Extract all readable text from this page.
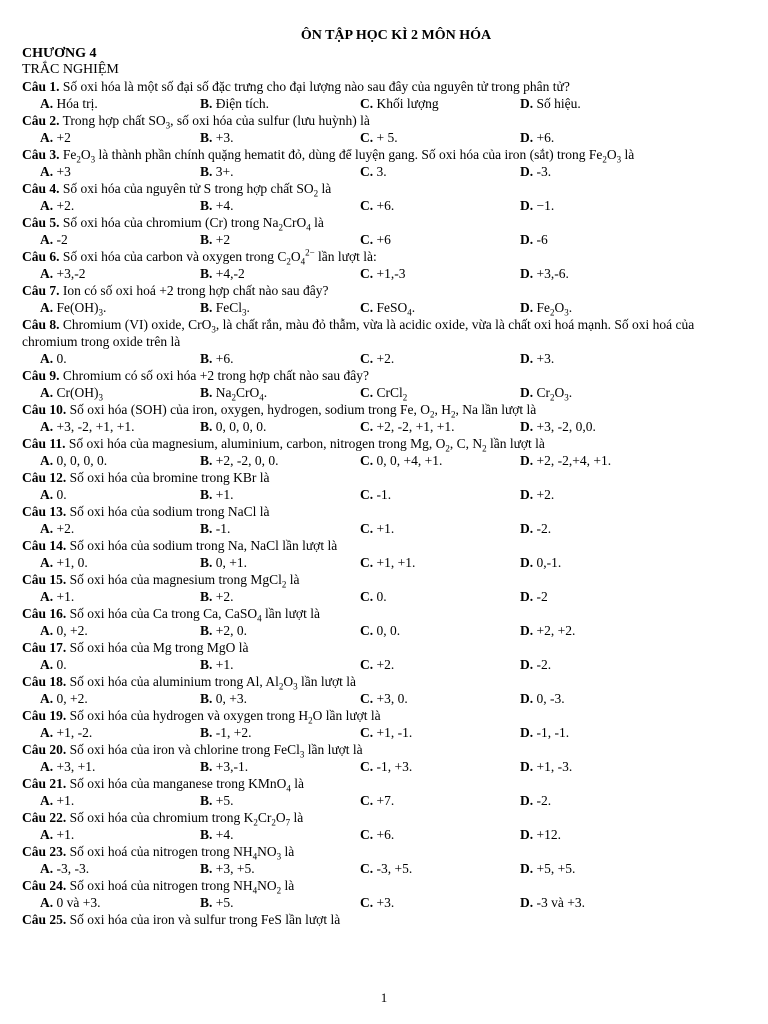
ÔN TẬP HỌC KÌ 2 MÔN HÓA
CHƯƠNG 4
TRẮC NGHIỆM
Câu 1. Số oxi hóa là một số đại số đặc trưng cho đại lượng nào sau đây của nguyên tử trong phân tử?
A. Hóa trị.	B. Điện tích.	C. Khối lượng	D. Số hiệu.
Câu 2. Trong hợp chất $SO_3$, số oxi hóa của sulfur (lưu huỳnh) là
A. +2	B. +3.	C. + 5.	D. +6.
Câu 3. $Fe_2O_3$ là thành phần chính quặng hematit đỏ, dùng để luyện gang. Số oxi hóa của iron (sắt) trong $Fe_2O_3$ là
A. +3	B. 3+.	C. 3.	D. -3.
Câu 4. Số oxi hóa của nguyên tử S trong hợp chất $SO_2$ là
A. +2.	B. +4.	C. +6.	D. −1.
Câu 5. Số oxi hóa của chromium (Cr) trong $Na_2CrO_4$ là
A. -2	B. +2	C. +6	D. -6
Câu 6. Số oxi hóa của carbon và oxygen trong $C_2O_4^{2-}$ lần lượt là:
A. +3,-2	B. +4,-2	C. +1,-3	D. +3,-6.
Câu 7. Ion có số oxi hoá +2 trong hợp chất nào sau đây?
A. $Fe(OH)_3$.	B. FeCl$_3$.	C. FeSO$_4$.	D. $Fe_2O_3$.
Câu 8. Chromium (VI) oxide, CrO$_3$, là chất rắn, màu đỏ thẫm, vừa là acidic oxide, vừa là chất oxi hoá mạnh. Số oxi hoá của chromium trong oxide trên là
A. 0.	B. +6.	C. +2.	D. +3.
Câu 9. Chromium có số oxi hóa +2 trong hợp chất nào sau đây?
A. $Cr(OH)_3$	B. $Na_2CrO_4$.	C. CrCl$_2$	D. $Cr_2O_3$.
Câu 10. Số oxi hóa (SOH) của iron, oxygen, hydrogen, sodium trong Fe, $O_2$, $H_2$, Na lần lượt là
A. +3, -2, +1, +1.	B. 0, 0, 0, 0.	C. +2, -2, +1, +1.	D. +3, -2, 0,0.
Câu 11. Số oxi hóa của magnesium, aluminium, carbon, nitrogen trong Mg, $O_2$, C, $N_2$ lần lượt là
A. 0, 0, 0, 0.	B. +2, -2, 0, 0.	C. 0, 0, +4, +1.	D. +2, -2,+4, +1.
Câu 12. Số oxi hóa của bromine trong KBr là
A. 0.	B. +1.	C. -1.	D. +2.
Câu 13. Số oxi hóa của sodium trong NaCl là
A. +2.	B. -1.	C. +1.	D. -2.
Câu 14. Số oxi hóa của sodium trong Na, NaCl lần lượt là
A. +1, 0.	B. 0, +1.	C. +1, +1.	D. 0,-1.
Câu 15. Số oxi hóa của magnesium trong MgCl$_2$ là
A. +1.	B. +2.	C. 0.	D. -2
Câu 16. Số oxi hóa của Ca trong Ca, CaSO$_4$ lần lượt là
A. 0, +2.	B. +2, 0.	C. 0, 0.	D. +2, +2.
Câu 17. Số oxi hóa của Mg trong MgO là
A. 0.	B. +1.	C. +2.	D. -2.
Câu 18. Số oxi hóa của aluminium trong Al, $Al_2O_3$ lần lượt là
A. 0, +2.	B. 0, +3.	C. +3, 0.	D. 0, -3.
Câu 19. Số oxi hóa của hydrogen và oxygen trong $H_2O$ lần lượt là
A. +1, -2.	B. -1, +2.	C. +1, -1.	D. -1, -1.
Câu 20. Số oxi hóa của iron và chlorine trong FeCl$_3$ lần lượt là
A. +3, +1.	B. +3,-1.	C. -1, +3.	D. +1, -3.
Câu 21. Số oxi hóa của manganese trong KMnO$_4$ là
A. +1.	B. +5.	C. +7.	D. -2.
Câu 22. Số oxi hóa của chromium trong $K_2Cr_2O_7$ là
A. +1.	B. +4.	C. +6.	D. +12.
Câu 23. Số oxi hoá của nitrogen trong $NH_4NO_3$ là
A. -3, -3.	B. +3, +5.	C. -3, +5.	D. +5, +5.
Câu 24. Số oxi hoá của nitrogen trong $NH_4NO_2$ là
A. 0 và +3.	B. +5.	C. +3.	D. -3 và +3.
Câu 25. Số oxi hóa của iron và sulfur trong FeS lần lượt là
1
